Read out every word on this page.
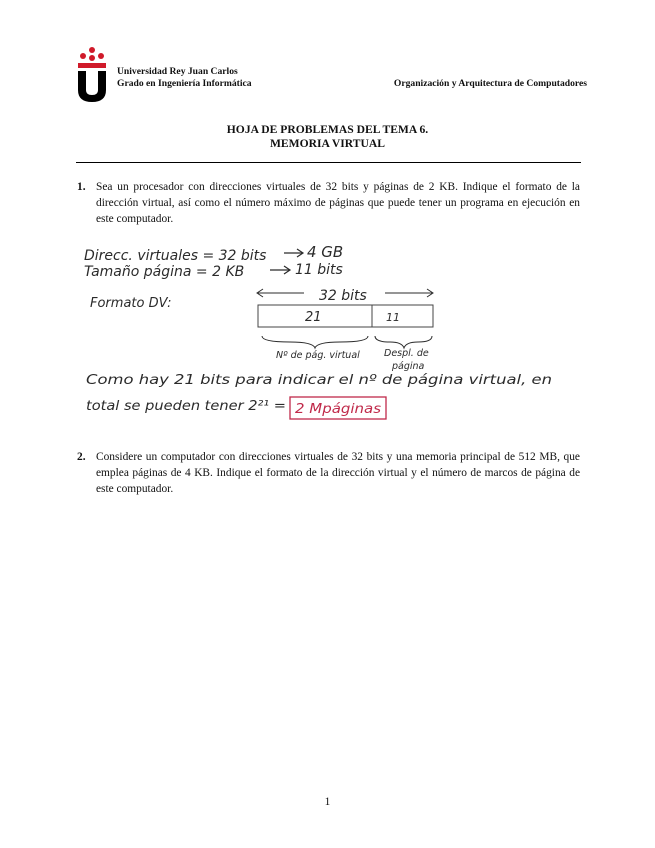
Universidad Rey Juan Carlos
Grado en Ingeniería Informática	Organización y Arquitectura de Computadores
HOJA DE PROBLEMAS DEL TEMA 6.
MEMORIA VIRTUAL
1. Sea un procesador con direcciones virtuales de 32 bits y páginas de 2 KB. Indique el formato de la dirección virtual, así como el número máximo de páginas que puede tener un programa en ejecución en este computador.
Direcc. virtuales = 32 bits	4 GB
Tamaño página = 2 KB	11 bits
Formato DV:	32 bits
21	11
Nº de pág. virtual	Despl. de
página
Como hay 21 bits para indicar el nº de página virtual, en
total se pueden tener 2²¹ = 2 Mpáginas
2. Considere un computador con direcciones virtuales de 32 bits y una memoria principal de 512 MB, que emplea páginas de 4 KB. Indique el formato de la dirección virtual y el número de marcos de página de este computador.
1
